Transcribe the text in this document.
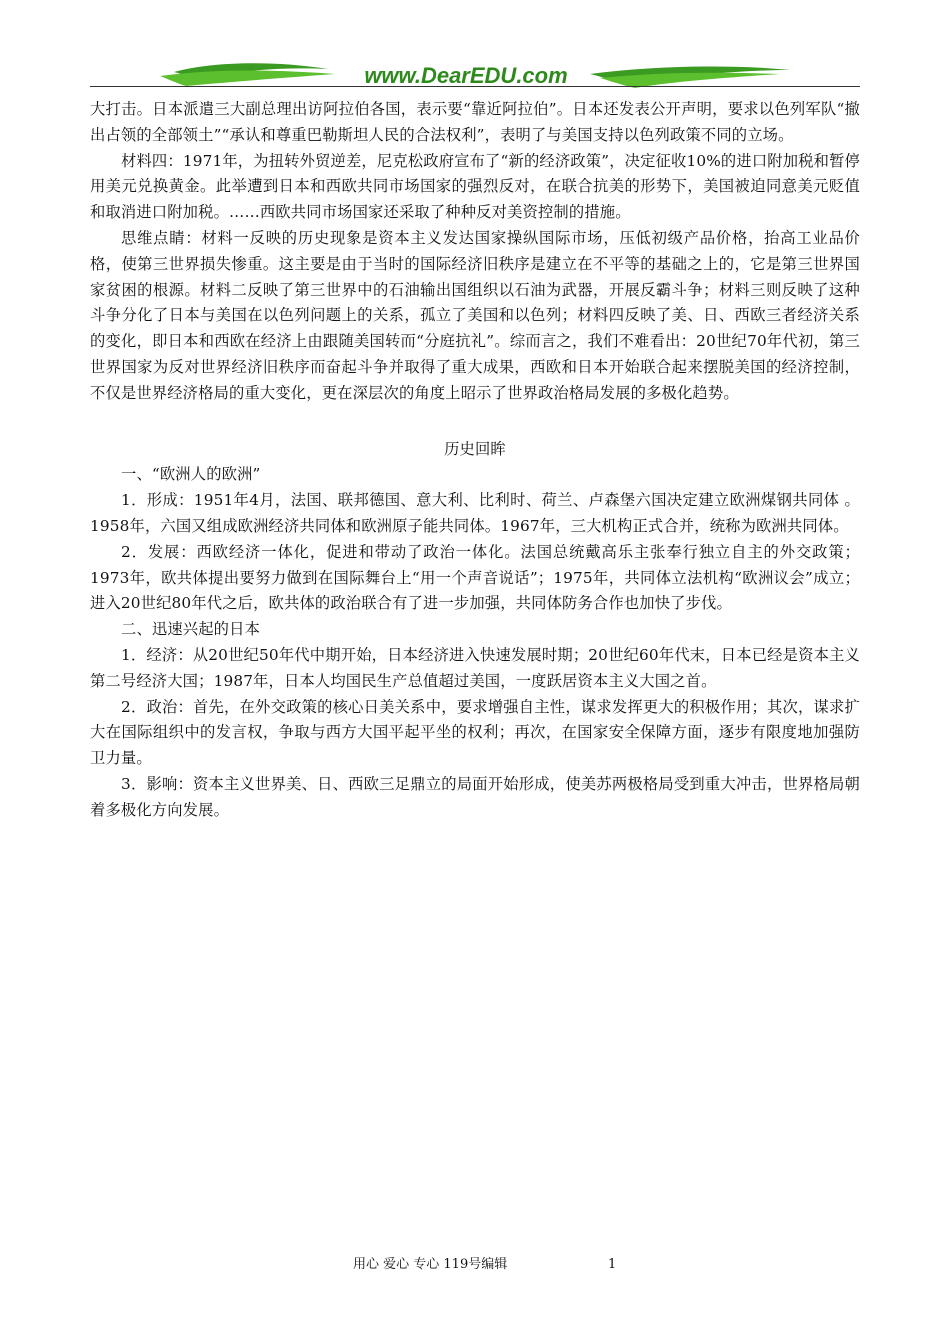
www.DearEDU.com

大打击。日本派遣三大副总理出访阿拉伯各国，表示要“靠近阿拉伯”。日本还发表公开声明，要求以色列军队“撤出占领的全部领土”“承认和尊重巴勒斯坦人民的合法权利”，表明了与美国支持以色列政策不同的立场。

材料四：1971年，为扭转外贸逆差，尼克松政府宣布了“新的经济政策”，决定征收10%的进口附加税和暂停用美元兑换黄金。此举遭到日本和西欧共同市场国家的强烈反对，在联合抗美的形势下，美国被迫同意美元贬值和取消进口附加税。……西欧共同市场国家还采取了种种反对美资控制的措施。

思维点睛：材料一反映的历史现象是资本主义发达国家操纵国际市场，压低初级产品价格，抬高工业品价格，使第三世界损失惨重。这主要是由于当时的国际经济旧秩序是建立在不平等的基础之上的，它是第三世界国家贫困的根源。材料二反映了第三世界中的石油输出国组织以石油为武器，开展反霸斗争；材料三则反映了这种斗争分化了日本与美国在以色列问题上的关系，孤立了美国和以色列；材料四反映了美、日、西欧三者经济关系的变化，即日本和西欧在经济上由跟随美国转而“分庭抗礼”。综而言之，我们不难看出：20世纪70年代初，第三世界国家为反对世界经济旧秩序而奋起斗争并取得了重大成果，西欧和日本开始联合起来摆脱美国的经济控制，不仅是世界经济格局的重大变化，更在深层次的角度上昭示了世界政治格局发展的多极化趋势。

历史回眸

一、“欧洲人的欧洲”

1．形成：1951年4月，法国、联邦德国、意大利、比利时、荷兰、卢森堡六国决定建立欧洲煤钢共同体 。1958年，六国又组成欧洲经济共同体和欧洲原子能共同体。1967年，三大机构正式合并，统称为欧洲共同体。

2．发展：西欧经济一体化，促进和带动了政治一体化。法国总统戴高乐主张奉行独立自主的外交政策；1973年，欧共体提出要努力做到在国际舞台上“用一个声音说话”；1975年，共同体立法机构“欧洲议会”成立；进入20世纪80年代之后，欧共体的政治联合有了进一步加强，共同体防务合作也加快了步伐。

二、迅速兴起的日本

1．经济：从20世纪50年代中期开始，日本经济进入快速发展时期；20世纪60年代末，日本已经是资本主义第二号经济大国；1987年，日本人均国民生产总值超过美国，一度跃居资本主义大国之首。

2．政治：首先，在外交政策的核心日美关系中，要求增强自主性，谋求发挥更大的积极作用；其次，谋求扩大在国际组织中的发言权，争取与西方大国平起平坐的权利；再次，在国家安全保障方面，逐步有限度地加强防卫力量。

3．影响：资本主义世界美、日、西欧三足鼎立的局面开始形成，使美苏两极格局受到重大冲击，世界格局朝着多极化方向发展。

用心 爱心 专心 119号编辑	1
